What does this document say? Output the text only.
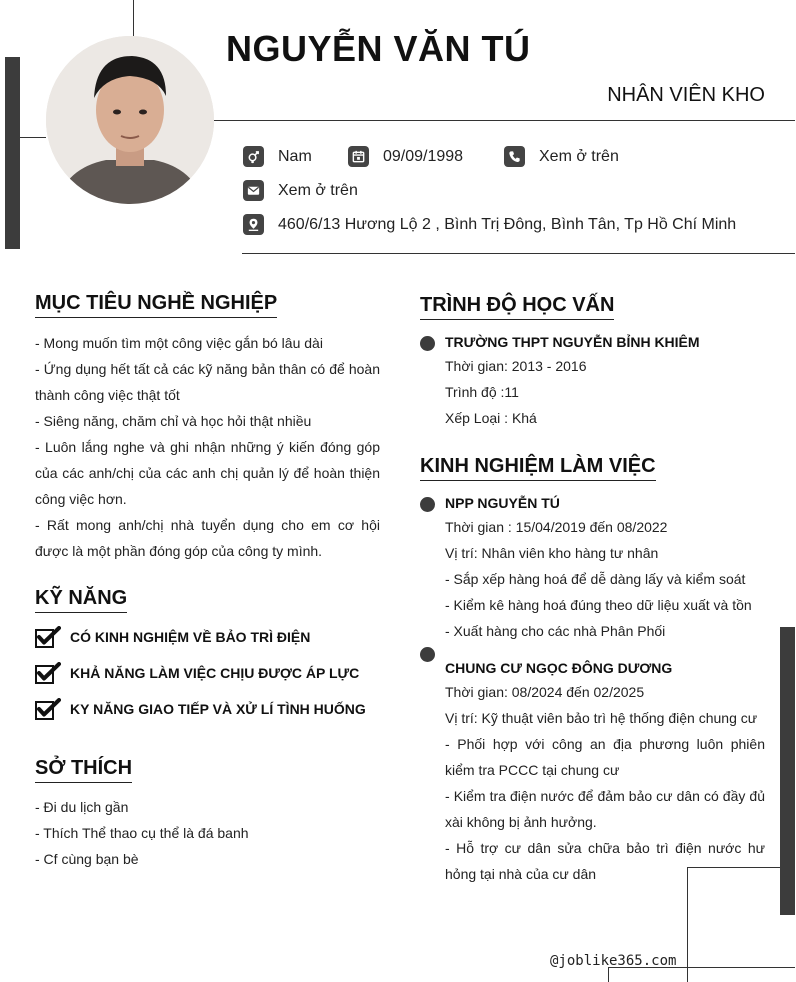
NGUYỄN VĂN TÚ
NHÂN VIÊN KHO
Nam	09/09/1998	Xem ở trên
Xem ở trên
460/6/13 Hương Lộ 2 , Bình Trị Đông, Bình Tân, Tp Hồ Chí Minh
MỤC TIÊU NGHỀ NGHIỆP
- Mong muốn tìm một công việc gắn bó lâu dài
- Ứng dụng hết tất cả các kỹ năng bản thân có để hoàn thành công việc thật tốt
- Siêng năng, chăm chỉ và học hỏi thật nhiều
- Luôn lắng nghe và ghi nhận những ý kiến đóng góp của các anh/chị của các anh chị quản lý để hoàn thiện công việc hơn.
- Rất mong anh/chị nhà tuyển dụng cho em cơ hội được là một phần đóng góp của công ty mình.
KỸ NĂNG
CÓ KINH NGHIỆM VỀ BẢO TRÌ ĐIỆN
KHẢ NĂNG LÀM VIỆC CHỊU ĐƯỢC ÁP LỰC
KY NĂNG GIAO TIẾP VÀ XỬ LÍ TÌNH HUỐNG
SỞ THÍCH
- Đi du lịch gần
- Thích Thể thao cụ thể là đá banh
- Cf cùng bạn bè
TRÌNH ĐỘ HỌC VẤN
TRƯỜNG THPT NGUYỄN BỈNH KHIÊM
Thời gian: 2013 - 2016
Trình độ :11
Xếp Loại : Khá
KINH NGHIỆM LÀM VIỆC
NPP NGUYỄN TÚ
Thời gian : 15/04/2019 đến 08/2022
Vị trí: Nhân viên kho hàng tư nhân
- Sắp xếp hàng hoá để dễ dàng lấy và kiểm soát
- Kiểm kê hàng hoá đúng theo dữ liệu xuất và tồn
- Xuất hàng cho các nhà Phân Phối
CHUNG CƯ NGỌC ĐÔNG DƯƠNG
Thời gian: 08/2024 đến 02/2025
Vị trí: Kỹ thuật viên bảo trì hệ thống điện chung cư
- Phối hợp với công an địa phương luôn phiên kiểm tra PCCC tại chung cư
- Kiểm tra điện nước để đảm bảo cư dân có đầy đủ xài không bị ảnh hưởng.
- Hỗ trợ cư dân sửa chữa bảo trì điện nước hư hỏng tại nhà của cư dân
@joblike365.com
